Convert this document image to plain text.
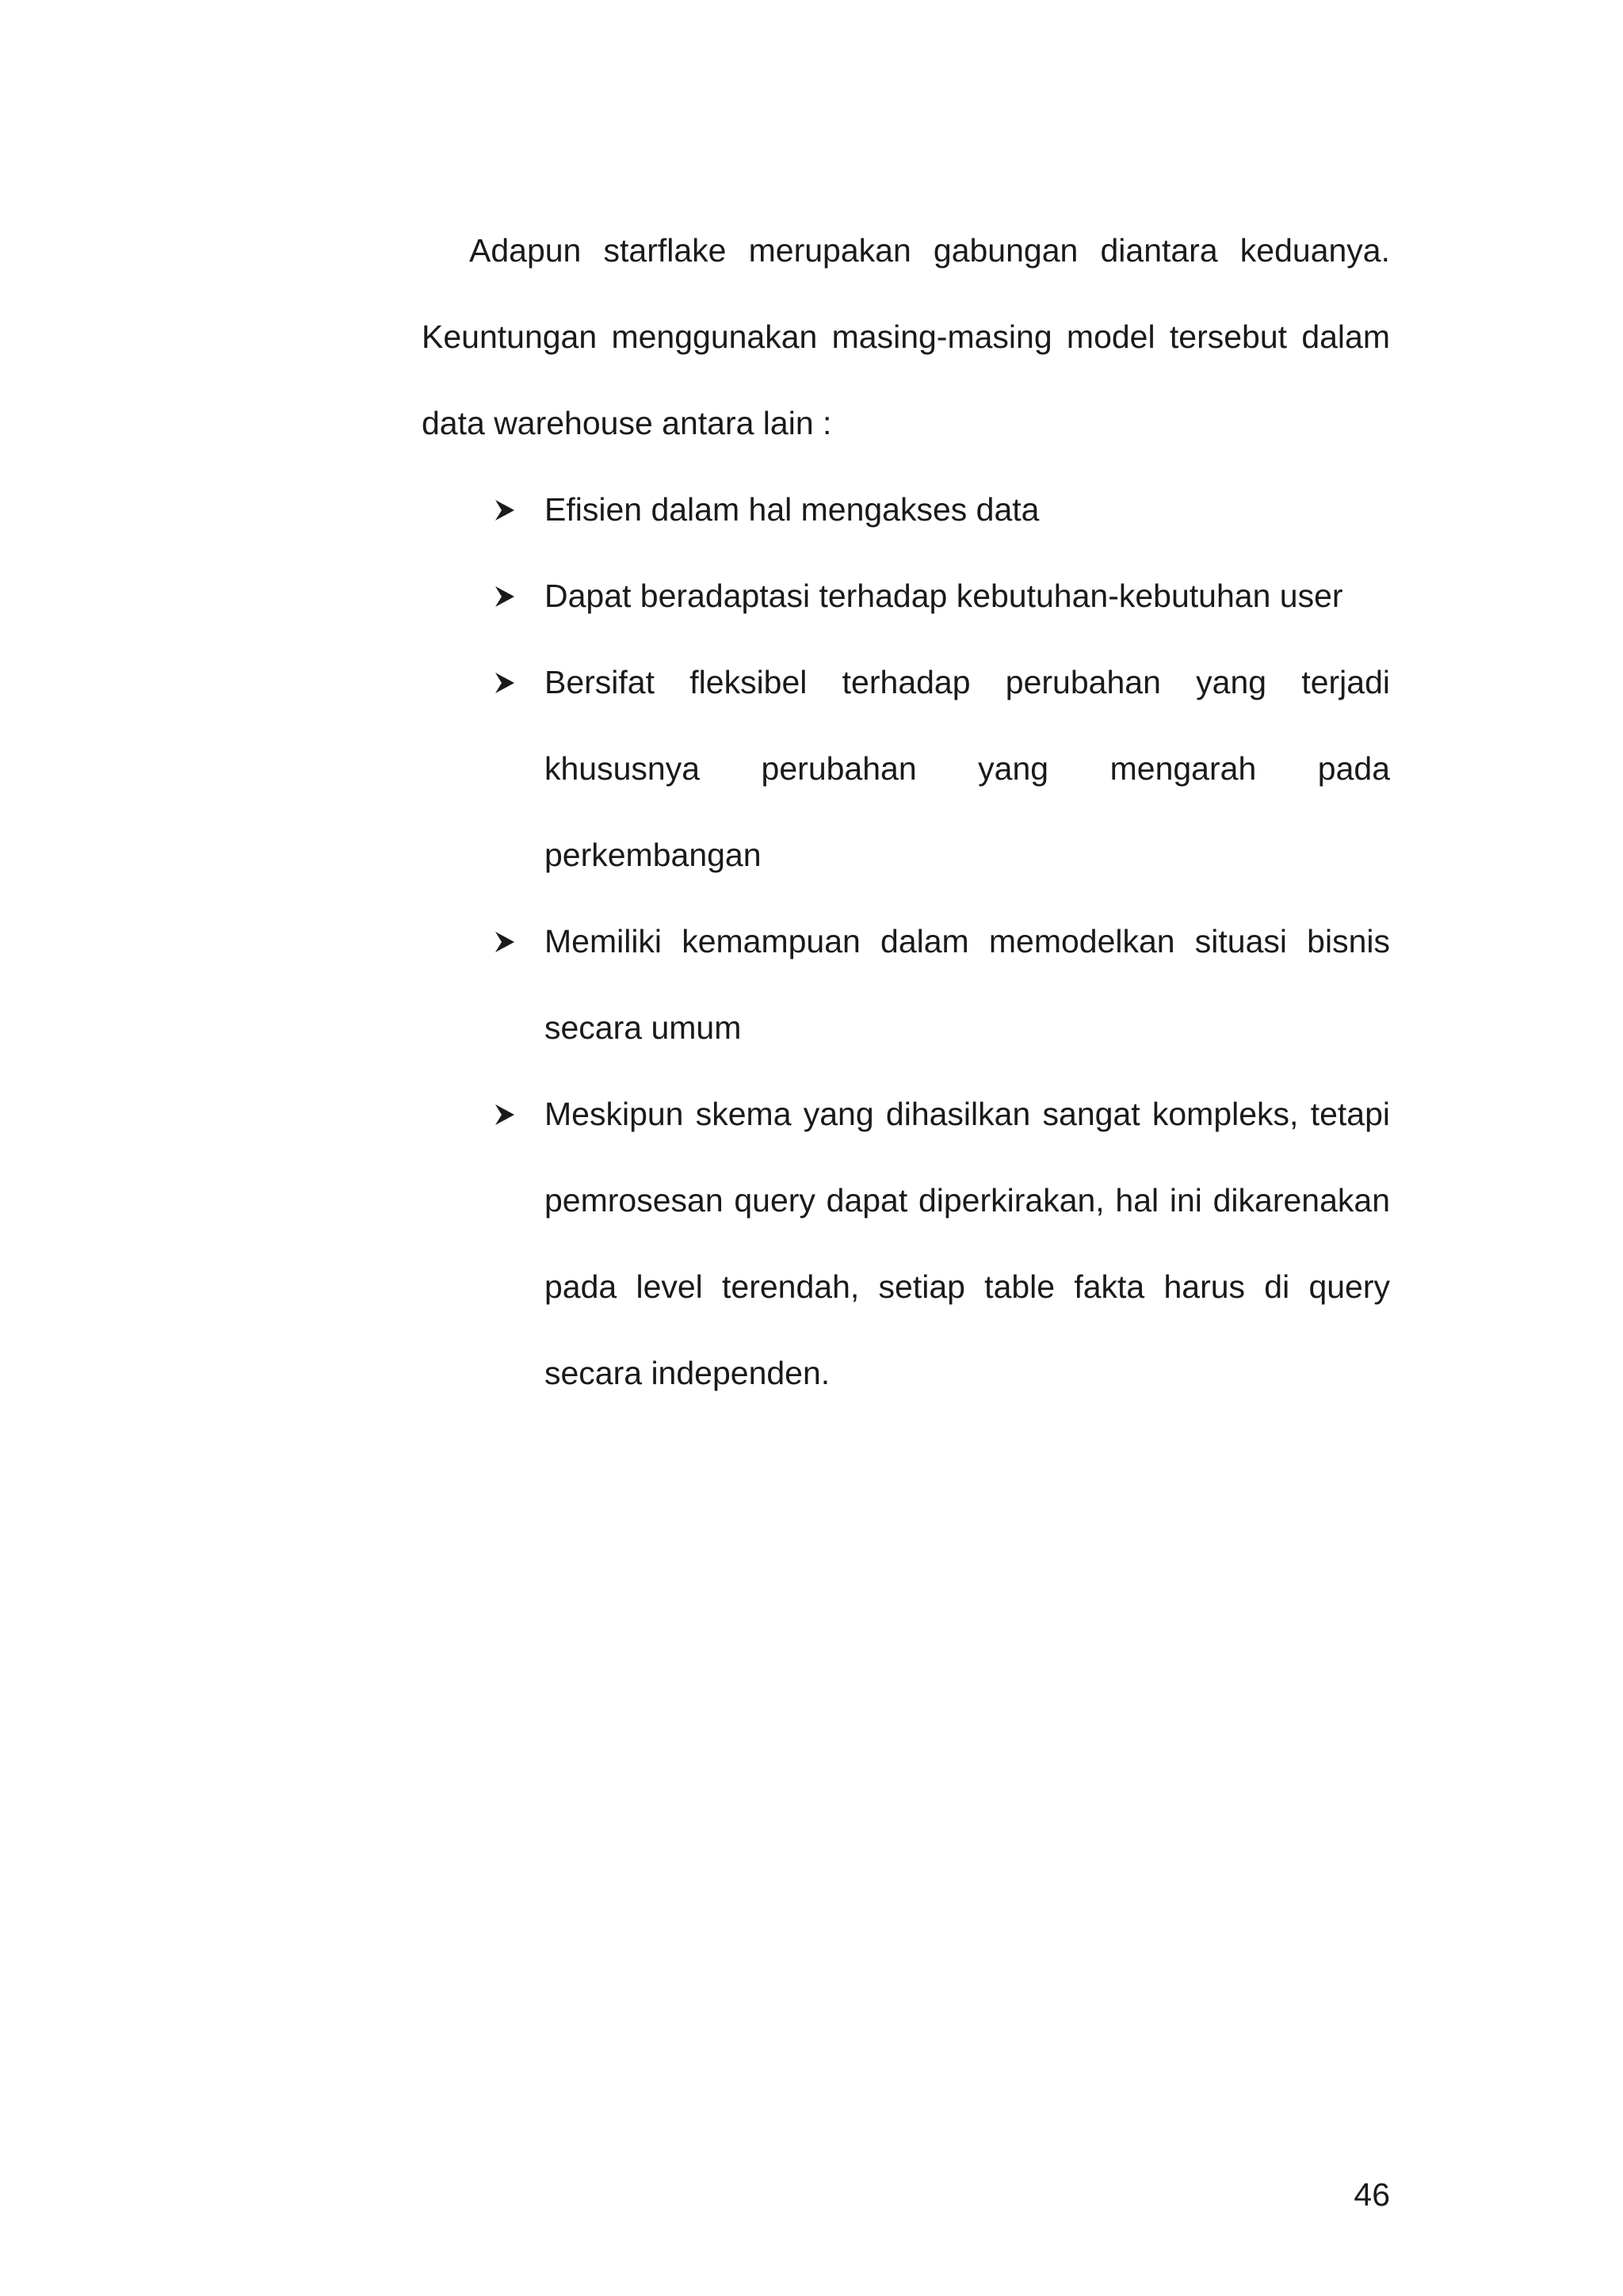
Adapun starflake merupakan gabungan diantara keduanya. Keuntungan menggunakan masing-masing model tersebut dalam data warehouse antara lain :

Efisien dalam hal mengakses data
Dapat beradaptasi terhadap kebutuhan-kebutuhan user
Bersifat fleksibel terhadap perubahan yang terjadi khususnya perubahan yang mengarah pada perkembangan
Memiliki kemampuan dalam memodelkan situasi bisnis secara umum
Meskipun skema yang dihasilkan sangat kompleks, tetapi pemrosesan query dapat diperkirakan, hal ini dikarenakan pada level terendah, setiap table fakta harus di query secara independen.
46
